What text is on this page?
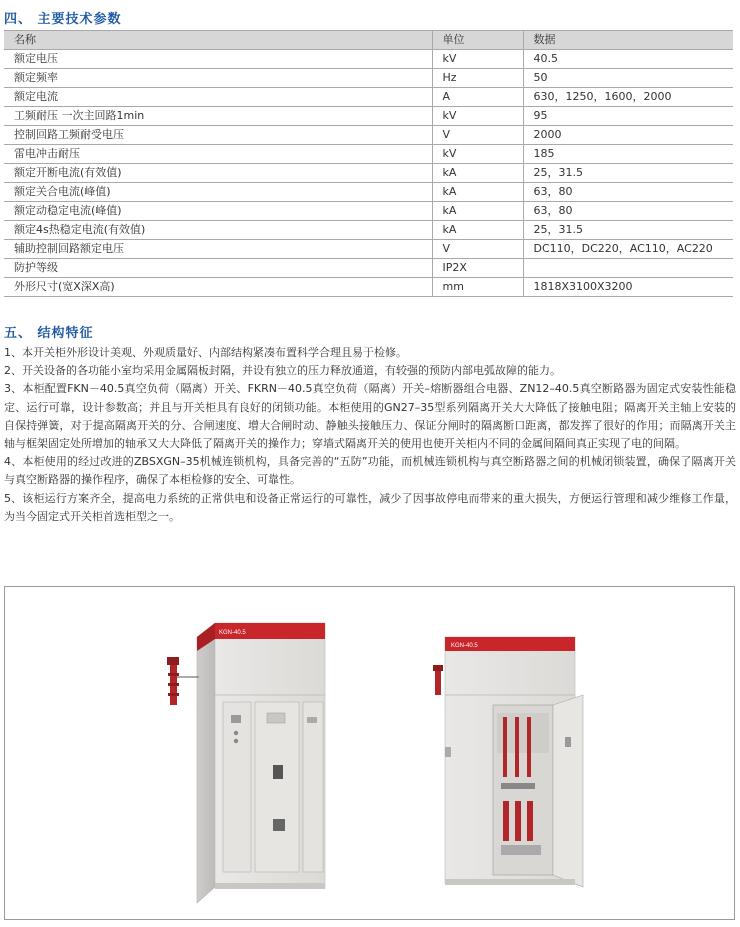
四、 主要技术参数
名称	单位	数据
额定电压	kV	40.5
额定频率	Hz	50
额定电流	A	630，1250，1600，2000
工频耐压 一次主回路1min	kV	95
控制回路工频耐受电压	V	2000
雷电冲击耐压	kV	185
额定开断电流(有效值)	kA	25，31.5
额定关合电流(峰值)	kA	63，80
额定动稳定电流(峰值)	kA	63，80
额定4s热稳定电流(有效值)	kA	25，31.5
辅助控制回路额定电压	V	DC110，DC220，AC110，AC220
防护等级	IP2X	
外形尺寸(宽X深X高)	mm	1818X3100X3200
五、 结构特征

1、本开关柜外形设计美观、外观质量好、内部结构紧凑布置科学合理且易于检修。

2、开关设备的各功能小室均采用金属隔板封隔，并设有独立的压力释放通道，有较强的预防内部电弧故障的能力。

3、本柜配置FKN－40.5真空负荷（隔离）开关、FKRN－40.5真空负荷（隔离）开关–熔断器组合电器、ZN12–40.5真空断路器为固定式安装性能稳定、运行可靠，设计参数高；并且与开关柜具有良好的闭锁功能。本柜使用的GN27–35型系列隔离开关大大降低了接触电阻；隔离开关主轴上安装的自保持弹簧，对于提高隔离开关的分、合闸速度、增大合闸时动、静触头接触压力、保证分闸时的隔离断口距离，都发挥了很好的作用；而隔离开关主轴与框架固定处所增加的轴承又大大降低了隔离开关的操作力；穿墙式隔离开关的使用也使开关柜内不同的金属间隔间真正实现了电的间隔。

4、本柜使用的经过改进的ZBSXGN–35机械连锁机构，具备完善的“五防”功能，而机械连锁机构与真空断路器之间的机械闭锁装置，确保了隔离开关与真空断路器的操作程序，确保了本柜检修的安全、可靠性。

5、该柜运行方案齐全，提高电力系统的正常供电和设备正常运行的可靠性，减少了因事故停电而带来的重大损失，方便运行管理和减少维修工作量，为当今固定式开关柜首选柜型之一。

KGN-40.5
KGN-40.5
